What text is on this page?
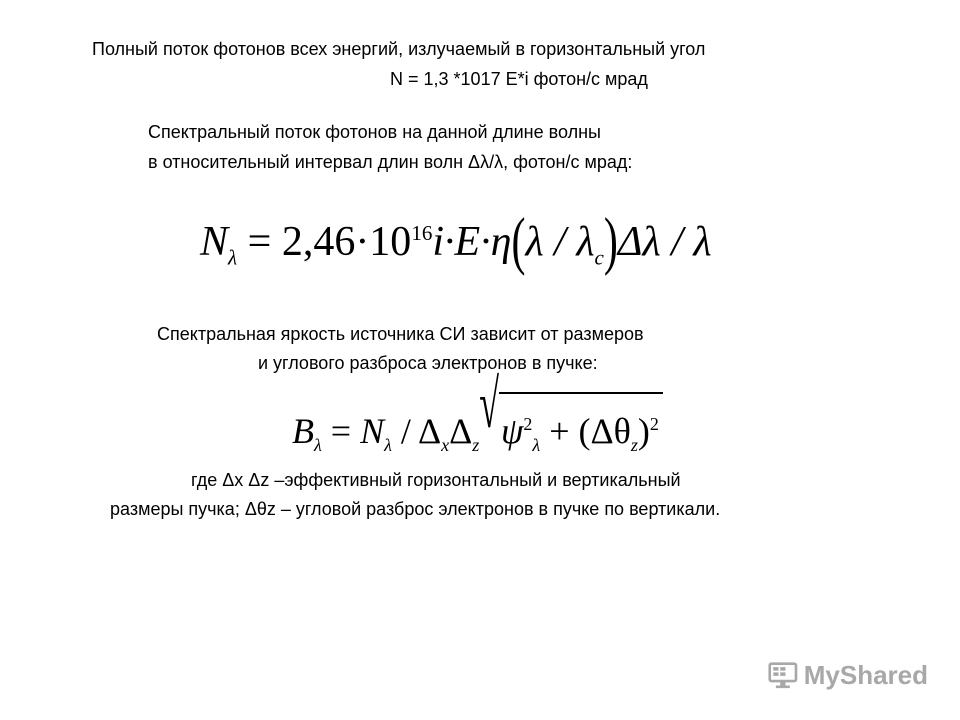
Полный поток фотонов всех энергий, излучаемый в горизонтальный угол
N = 1,3 *1017 E*i фотон/с мрад
Спектральный поток фотонов на данной длине волны
в относительный интервал длин волн Δλ/λ, фотон/с мрад:
$N_\lambda = 2,46\cdot 10^{16}i\cdot E\cdot\eta(\lambda / \lambda_c)\Delta\lambda / \lambda$
Спектральная яркость источника СИ зависит от размеров
и углового разброса электронов в пучке:
$B_\lambda = N_\lambda / \Delta_x\Delta_z√\psi^2_\lambda + (\Delta\theta_z)^2$
где Δx Δz –эффективный горизонтальный и вертикальный
размеры пучка; Δθz – угловой разброс электронов в пучке по вертикали.
MyShared
